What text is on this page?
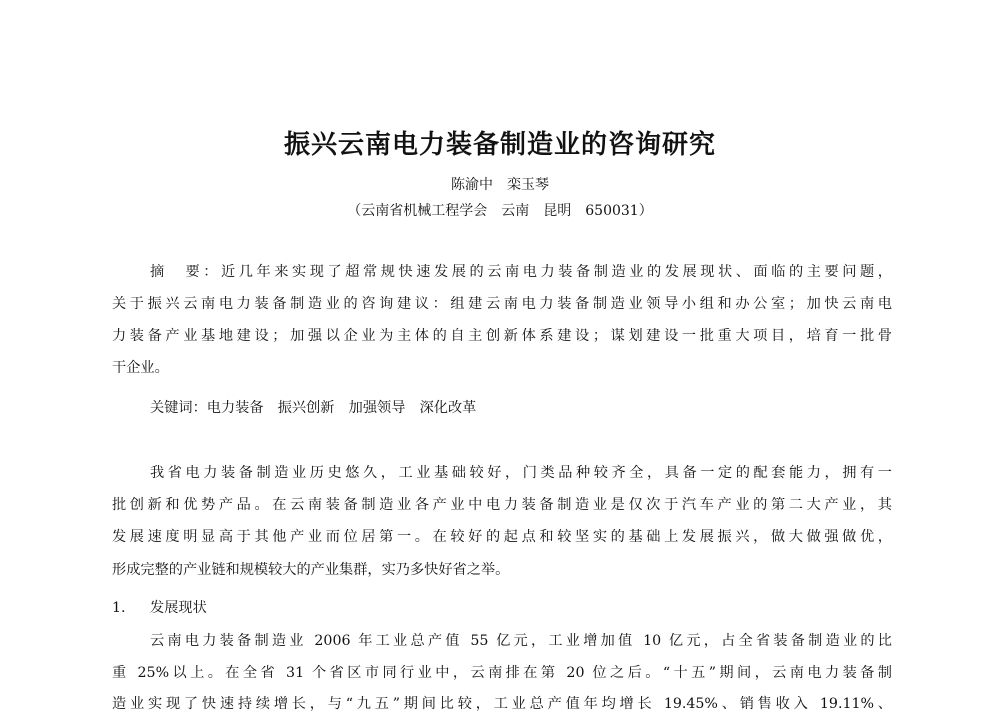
振兴云南电力装备制造业的咨询研究
陈渝中　栾玉琴
（云南省机械工程学会　云南　昆明　650031）
摘　要：近几年来实现了超常规快速发展的云南电力装备制造业的发展现状、面临的主要问题，
关于振兴云南电力装备制造业的咨询建议：组建云南电力装备制造业领导小组和办公室；加快云南电
力装备产业基地建设；加强以企业为主体的自主创新体系建设；谋划建设一批重大项目，培育一批骨
干企业。
关键词：电力装备　振兴创新　加强领导　深化改革
我省电力装备制造业历史悠久，工业基础较好，门类品种较齐全，具备一定的配套能力，拥有一
批创新和优势产品。在云南装备制造业各产业中电力装备制造业是仅次于汽车产业的第二大产业，其
发展速度明显高于其他产业而位居第一。在较好的起点和较坚实的基础上发展振兴，做大做强做优，
形成完整的产业链和规模较大的产业集群，实乃多快好省之举。
1. 发展现状
云南电力装备制造业 2006 年工业总产值 55 亿元，工业增加值 10 亿元，占全省装备制造业的比
重 25%以上。在全省 31 个省区市同行业中，云南排在第 20 位之后。“十五”期间，云南电力装备制
造业实现了快速持续增长，与“九五”期间比较，工业总产值年均增长 19.45%、销售收入 19.11%、
